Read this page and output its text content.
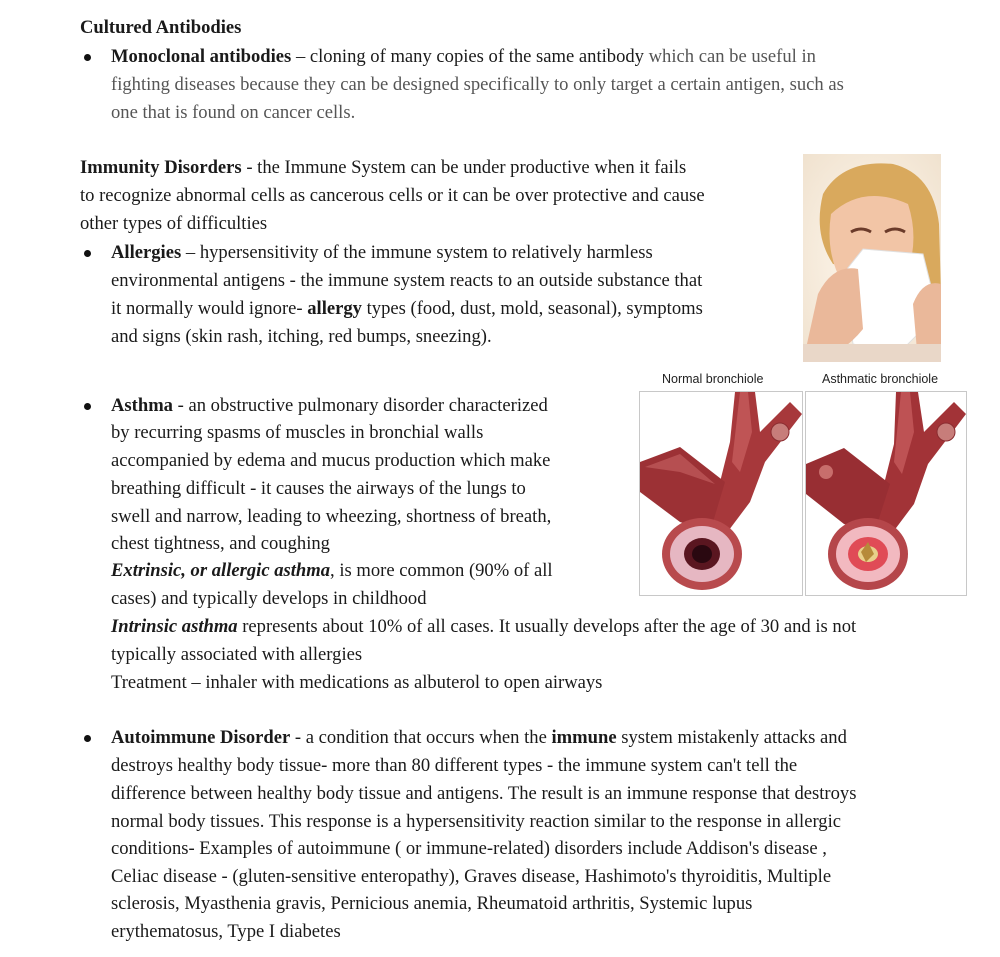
Cultured Antibodies
Monoclonal antibodies – cloning of many copies of the same antibody which can be useful in
fighting diseases because they can be designed specifically to only target a certain antigen, such as
one that is found on cancer cells.
Immunity Disorders - the Immune System can be under productive when it fails
to recognize abnormal cells as cancerous cells or it can be over protective and cause
other types of difficulties
Allergies – hypersensitivity of the immune system to relatively harmless
environmental antigens - the immune system reacts to an outside substance that
it normally would ignore- allergy types (food, dust, mold, seasonal), symptoms
and signs (skin rash, itching, red bumps, sneezing).
Normal bronchiole	Asthmatic bronchiole
Asthma - an obstructive pulmonary disorder characterized
by recurring spasms of muscles in bronchial walls
accompanied by edema and mucus production which make
breathing difficult - it causes the airways of the lungs to
swell and narrow, leading to wheezing, shortness of breath,
chest tightness, and coughing
Extrinsic, or allergic asthma, is more common (90% of all
cases) and typically develops in childhood
Intrinsic asthma represents about 10% of all cases. It usually develops after the age of 30 and is not
typically associated with allergies
Treatment – inhaler with medications as albuterol to open airways
Autoimmune Disorder - a condition that occurs when the immune system mistakenly attacks and
destroys healthy body tissue- more than 80 different types - the immune system can't tell the
difference between healthy body tissue and antigens. The result is an immune response that destroys
normal body tissues. This response is a hypersensitivity reaction similar to the response in allergic
conditions- Examples of autoimmune ( or immune-related) disorders include Addison's disease ,
Celiac disease - (gluten-sensitive enteropathy), Graves disease, Hashimoto's thyroiditis, Multiple
sclerosis, Myasthenia gravis, Pernicious anemia, Rheumatoid arthritis, Systemic lupus
erythematosus, Type I diabetes
